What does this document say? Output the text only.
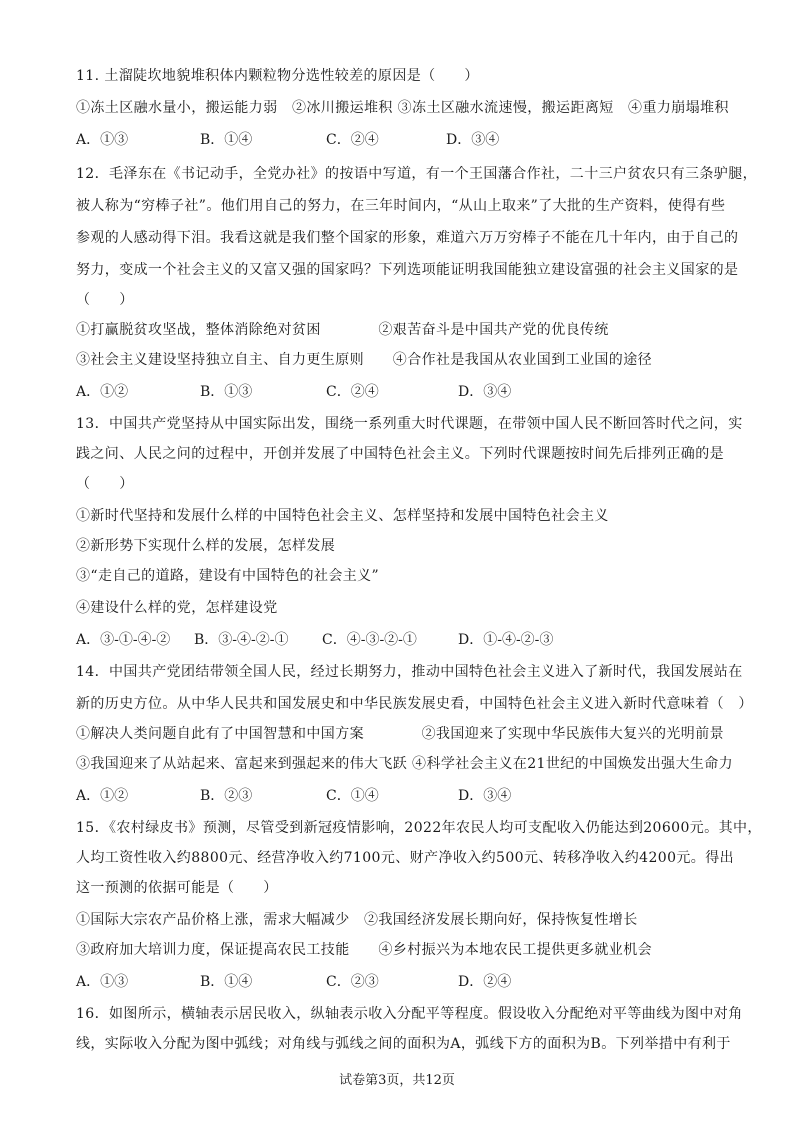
11. 土溜陡坎地貌堆积体内颗粒物分选性较差的原因是（　　）
①冻土区融水量小，搬运能力弱　②冰川搬运堆积 ③冻土区融水流速慢，搬运距离短　④重力崩塌堆积
A．①③	B．①④	C．②④	D．③④
12．毛泽东在《书记动手，全党办社》的按语中写道，有一个王国藩合作社，二十三户贫农只有三条驴腿，
被人称为“穷棒子社”。他们用自己的努力，在三年时间内，“从山上取来”了大批的生产资料，使得有些
参观的人感动得下泪。我看这就是我们整个国家的形象，难道六万万穷棒子不能在几十年内，由于自己的
努力，变成一个社会主义的又富又强的国家吗？下列选项能证明我国能独立建设富强的社会主义国家的是
（　　）
①打赢脱贫攻坚战，整体消除绝对贫困　　　　②艰苦奋斗是中国共产党的优良传统
③社会主义建设坚持独立自主、自力更生原则　　④合作社是我国从农业国到工业国的途径
A．①②	B．①③	C．②④	D．③④
13．中国共产党坚持从中国实际出发，围绕一系列重大时代课题，在带领中国人民不断回答时代之问，实
践之问、人民之问的过程中，开创并发展了中国特色社会主义。下列时代课题按时间先后排列正确的是
（　　）
①新时代坚持和发展什么样的中国特色社会主义、怎样坚持和发展中国特色社会主义
②新形势下实现什么样的发展，怎样发展
③“走自己的道路，建设有中国特色的社会主义”
④建设什么样的党，怎样建设党
A．③-①-④-② B．③-④-②-① C．④-③-②-①	D．①-④-②-③
14．中国共产党团结带领全国人民，经过长期努力，推动中国特色社会主义进入了新时代，我国发展站在
新的历史方位。从中华人民共和国发展史和中华民族发展史看，中国特色社会主义进入新时代意味着（　）
①解决人类问题自此有了中国智慧和中国方案　　　　②我国迎来了实现中华民族伟大复兴的光明前景
③我国迎来了从站起来、富起来到强起来的伟大飞跃 ④科学社会主义在21世纪的中国焕发出强大生命力
A．①②	B．②③	C．①④	D．③④
15．《农村绿皮书》预测，尽管受到新冠疫情影响，2022年农民人均可支配收入仍能达到20600元。其中，
人均工资性收入约8800元、经营净收入约7100元、财产净收入约500元、转移净收入约4200元。得出
这一预测的依据可能是（　　）
①国际大宗农产品价格上涨，需求大幅减少　②我国经济发展长期向好，保持恢复性增长
③政府加大培训力度，保证提高农民工技能　　④乡村振兴为本地农民工提供更多就业机会
A．①③	B．①④	C．②③	D．②④
16．如图所示，横轴表示居民收入，纵轴表示收入分配平等程度。假设收入分配绝对平等曲线为图中对角
线，实际收入分配为图中弧线；对角线与弧线之间的面积为A，弧线下方的面积为B。下列举措中有利于
试卷第3页，共12页
